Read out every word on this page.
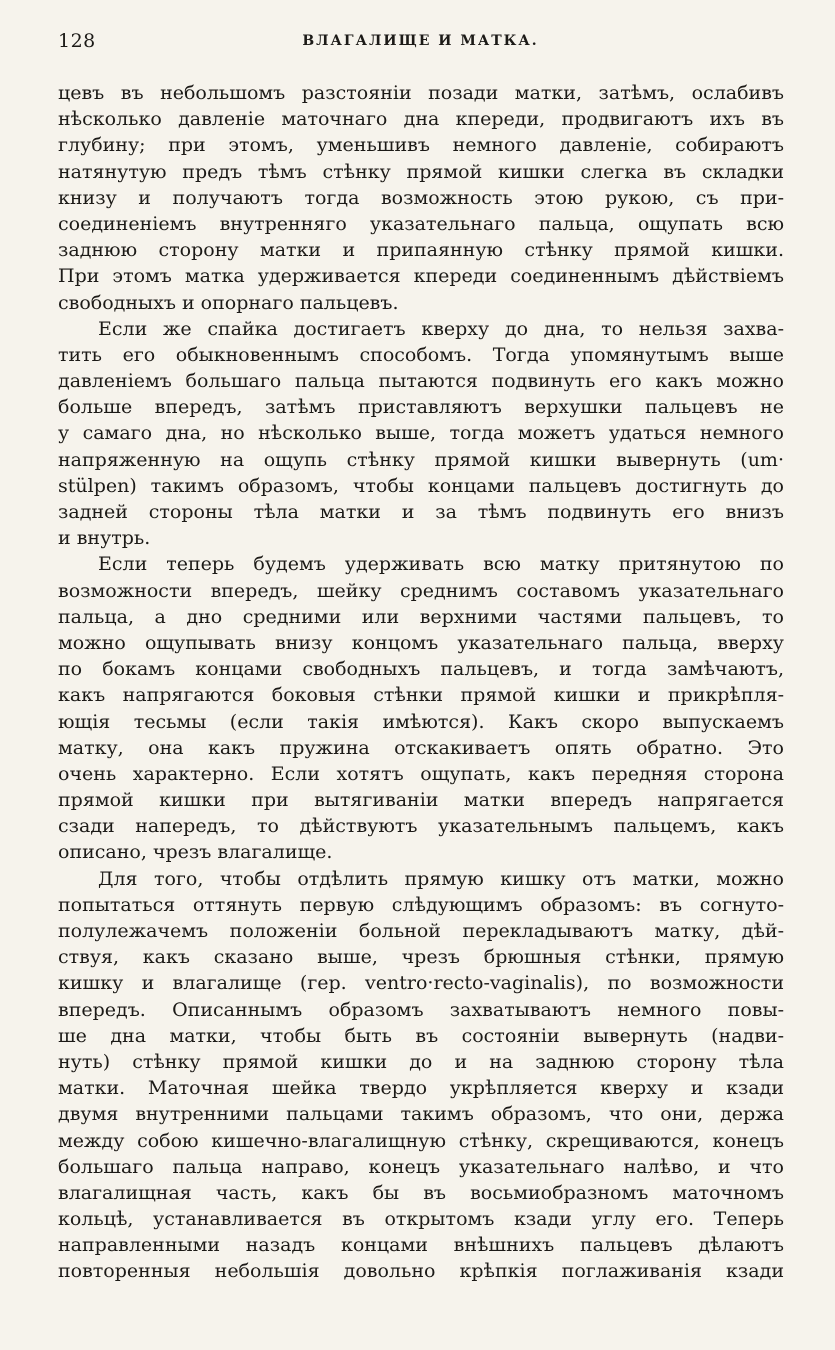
128	ВЛАГАЛИЩЕ И МАТКА.
цевъ въ небольшомъ разстоянiи позади матки, затѣмъ, ослабивъ
нѣсколько давленiе маточнаго дна кпереди, продвигаютъ ихъ въ
глубину; при этомъ, уменьшивъ немного давленiе, собираютъ
натянутую предъ тѣмъ стѣнку прямой кишки слегка въ складки
книзу и получаютъ тогда возможность этою рукою, съ при-
соединенiемъ внутренняго указательнаго пальца, ощупать всю
заднюю сторону матки и припаянную стѣнку прямой кишки.
При этомъ матка удерживается кпереди соединеннымъ дѣйствiемъ
свободныхъ и опорнаго пальцевъ.
Если же спайка достигаетъ кверху до дна, то нельзя захва-
тить его обыкновеннымъ способомъ. Тогда упомянутымъ выше
давленiемъ большаго пальца пытаются подвинуть его какъ можно
больше впередъ, затѣмъ приставляютъ верхушки пальцевъ не
у самаго дна, но нѣсколько выше, тогда можетъ удаться немного
напряженную на ощупь стѣнку прямой кишки вывернуть (um·
stülpen) такимъ образомъ, чтобы концами пальцевъ достигнуть до
задней стороны тѣла матки и за тѣмъ подвинуть его внизъ
и внутрь.
Если теперь будемъ удерживать всю матку притянутою по
возможности впередъ, шейку среднимъ составомъ указательнаго
пальца, а дно средними или верхними частями пальцевъ, то
можно ощупывать внизу концомъ указательнаго пальца, вверху
по бокамъ концами свободныхъ пальцевъ, и тогда замѣчаютъ,
какъ напрягаются боковыя стѣнки прямой кишки и прикрѣпля-
ющiя тесьмы (если такiя имѣются). Какъ скоро выпускаемъ
матку, она какъ пружина отскакиваетъ опять обратно. Это
очень характерно. Если хотятъ ощупать, какъ передняя сторона
прямой кишки при вытягиванiи матки впередъ напрягается
сзади напередъ, то дѣйствуютъ указательнымъ пальцемъ, какъ
описано, чрезъ влагалище.
Для того, чтобы отдѣлить прямую кишку отъ матки, можно
попытаться оттянуть первую слѣдующимъ образомъ: въ согнуто-
полулежачемъ положенiи больной перекладываютъ матку, дѣй-
ствуя, какъ сказано выше, чрезъ брюшныя стѣнки, прямую
кишку и влагалище (гер. ventro·recto-vaginalis), по возможности
впередъ. Описаннымъ образомъ захватываютъ немного повы-
ше дна матки, чтобы быть въ состоянiи вывернуть (надви-
нуть) стѣнку прямой кишки до и на заднюю сторону тѣла
матки. Маточная шейка твердо укрѣпляется кверху и кзади
двумя внутренними пальцами такимъ образомъ, что они, держа
между собою кишечно-влагалищную стѣнку, скрещиваются, конецъ
большаго пальца направо, конецъ указательнаго налѣво, и что
влагалищная часть, какъ бы въ восьмиобразномъ маточномъ
кольцѣ, устанавливается въ открытомъ кзади углу его. Теперь
направленными назадъ концами внѣшнихъ пальцевъ дѣлаютъ
повторенныя небольшiя довольно крѣпкiя поглаживанiя кзади
